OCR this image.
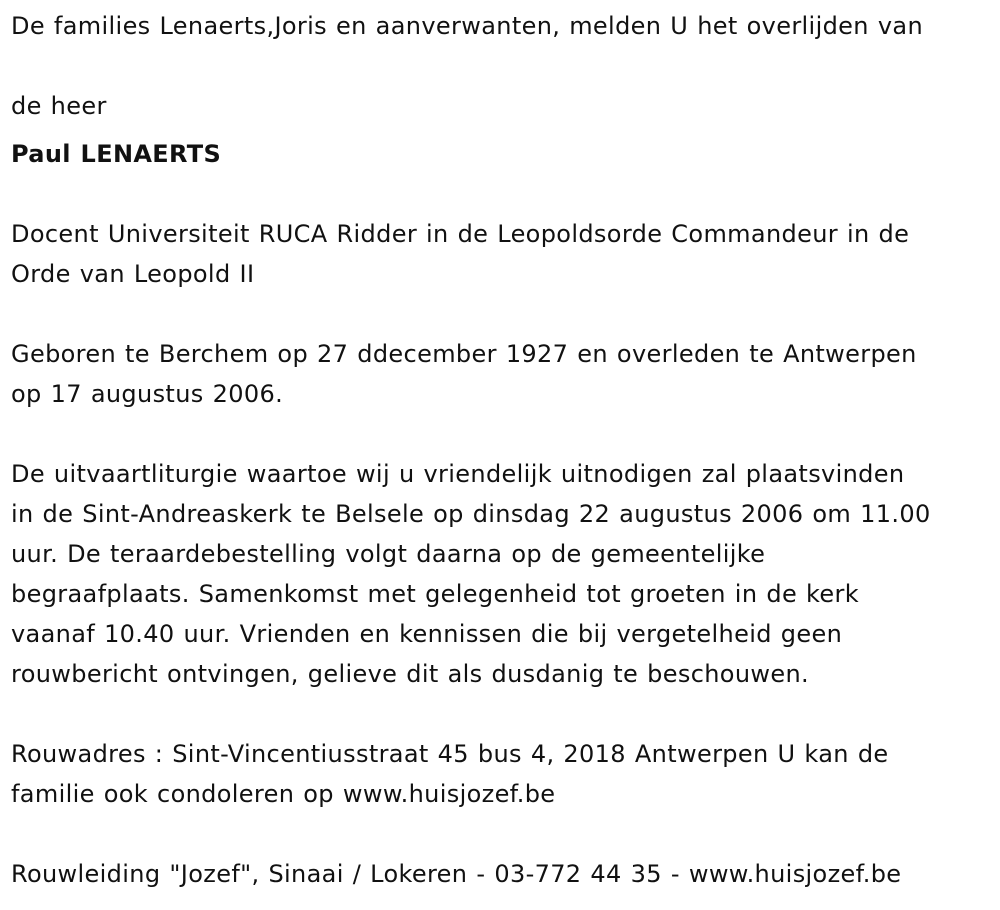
De families Lenaerts,Joris en aanverwanten, melden U het overlijden van
de heer
Paul LENAERTS
Docent Universiteit RUCA Ridder in de Leopoldsorde Commandeur in de
Orde van Leopold II
Geboren te Berchem op 27 ddecember 1927 en overleden te Antwerpen
op 17 augustus 2006.
De uitvaartliturgie waartoe wij u vriendelijk uitnodigen zal plaatsvinden
in de Sint-Andreaskerk te Belsele op dinsdag 22 augustus 2006 om 11.00
uur. De teraardebestelling volgt daarna op de gemeentelijke
begraafplaats. Samenkomst met gelegenheid tot groeten in de kerk
vaanaf 10.40 uur. Vrienden en kennissen die bij vergetelheid geen
rouwbericht ontvingen, gelieve dit als dusdanig te beschouwen.
Rouwadres : Sint-Vincentiusstraat 45 bus 4, 2018 Antwerpen U kan de
familie ook condoleren op www.huisjozef.be
Rouwleiding "Jozef", Sinaai / Lokeren - 03-772 44 35 - www.huisjozef.be
